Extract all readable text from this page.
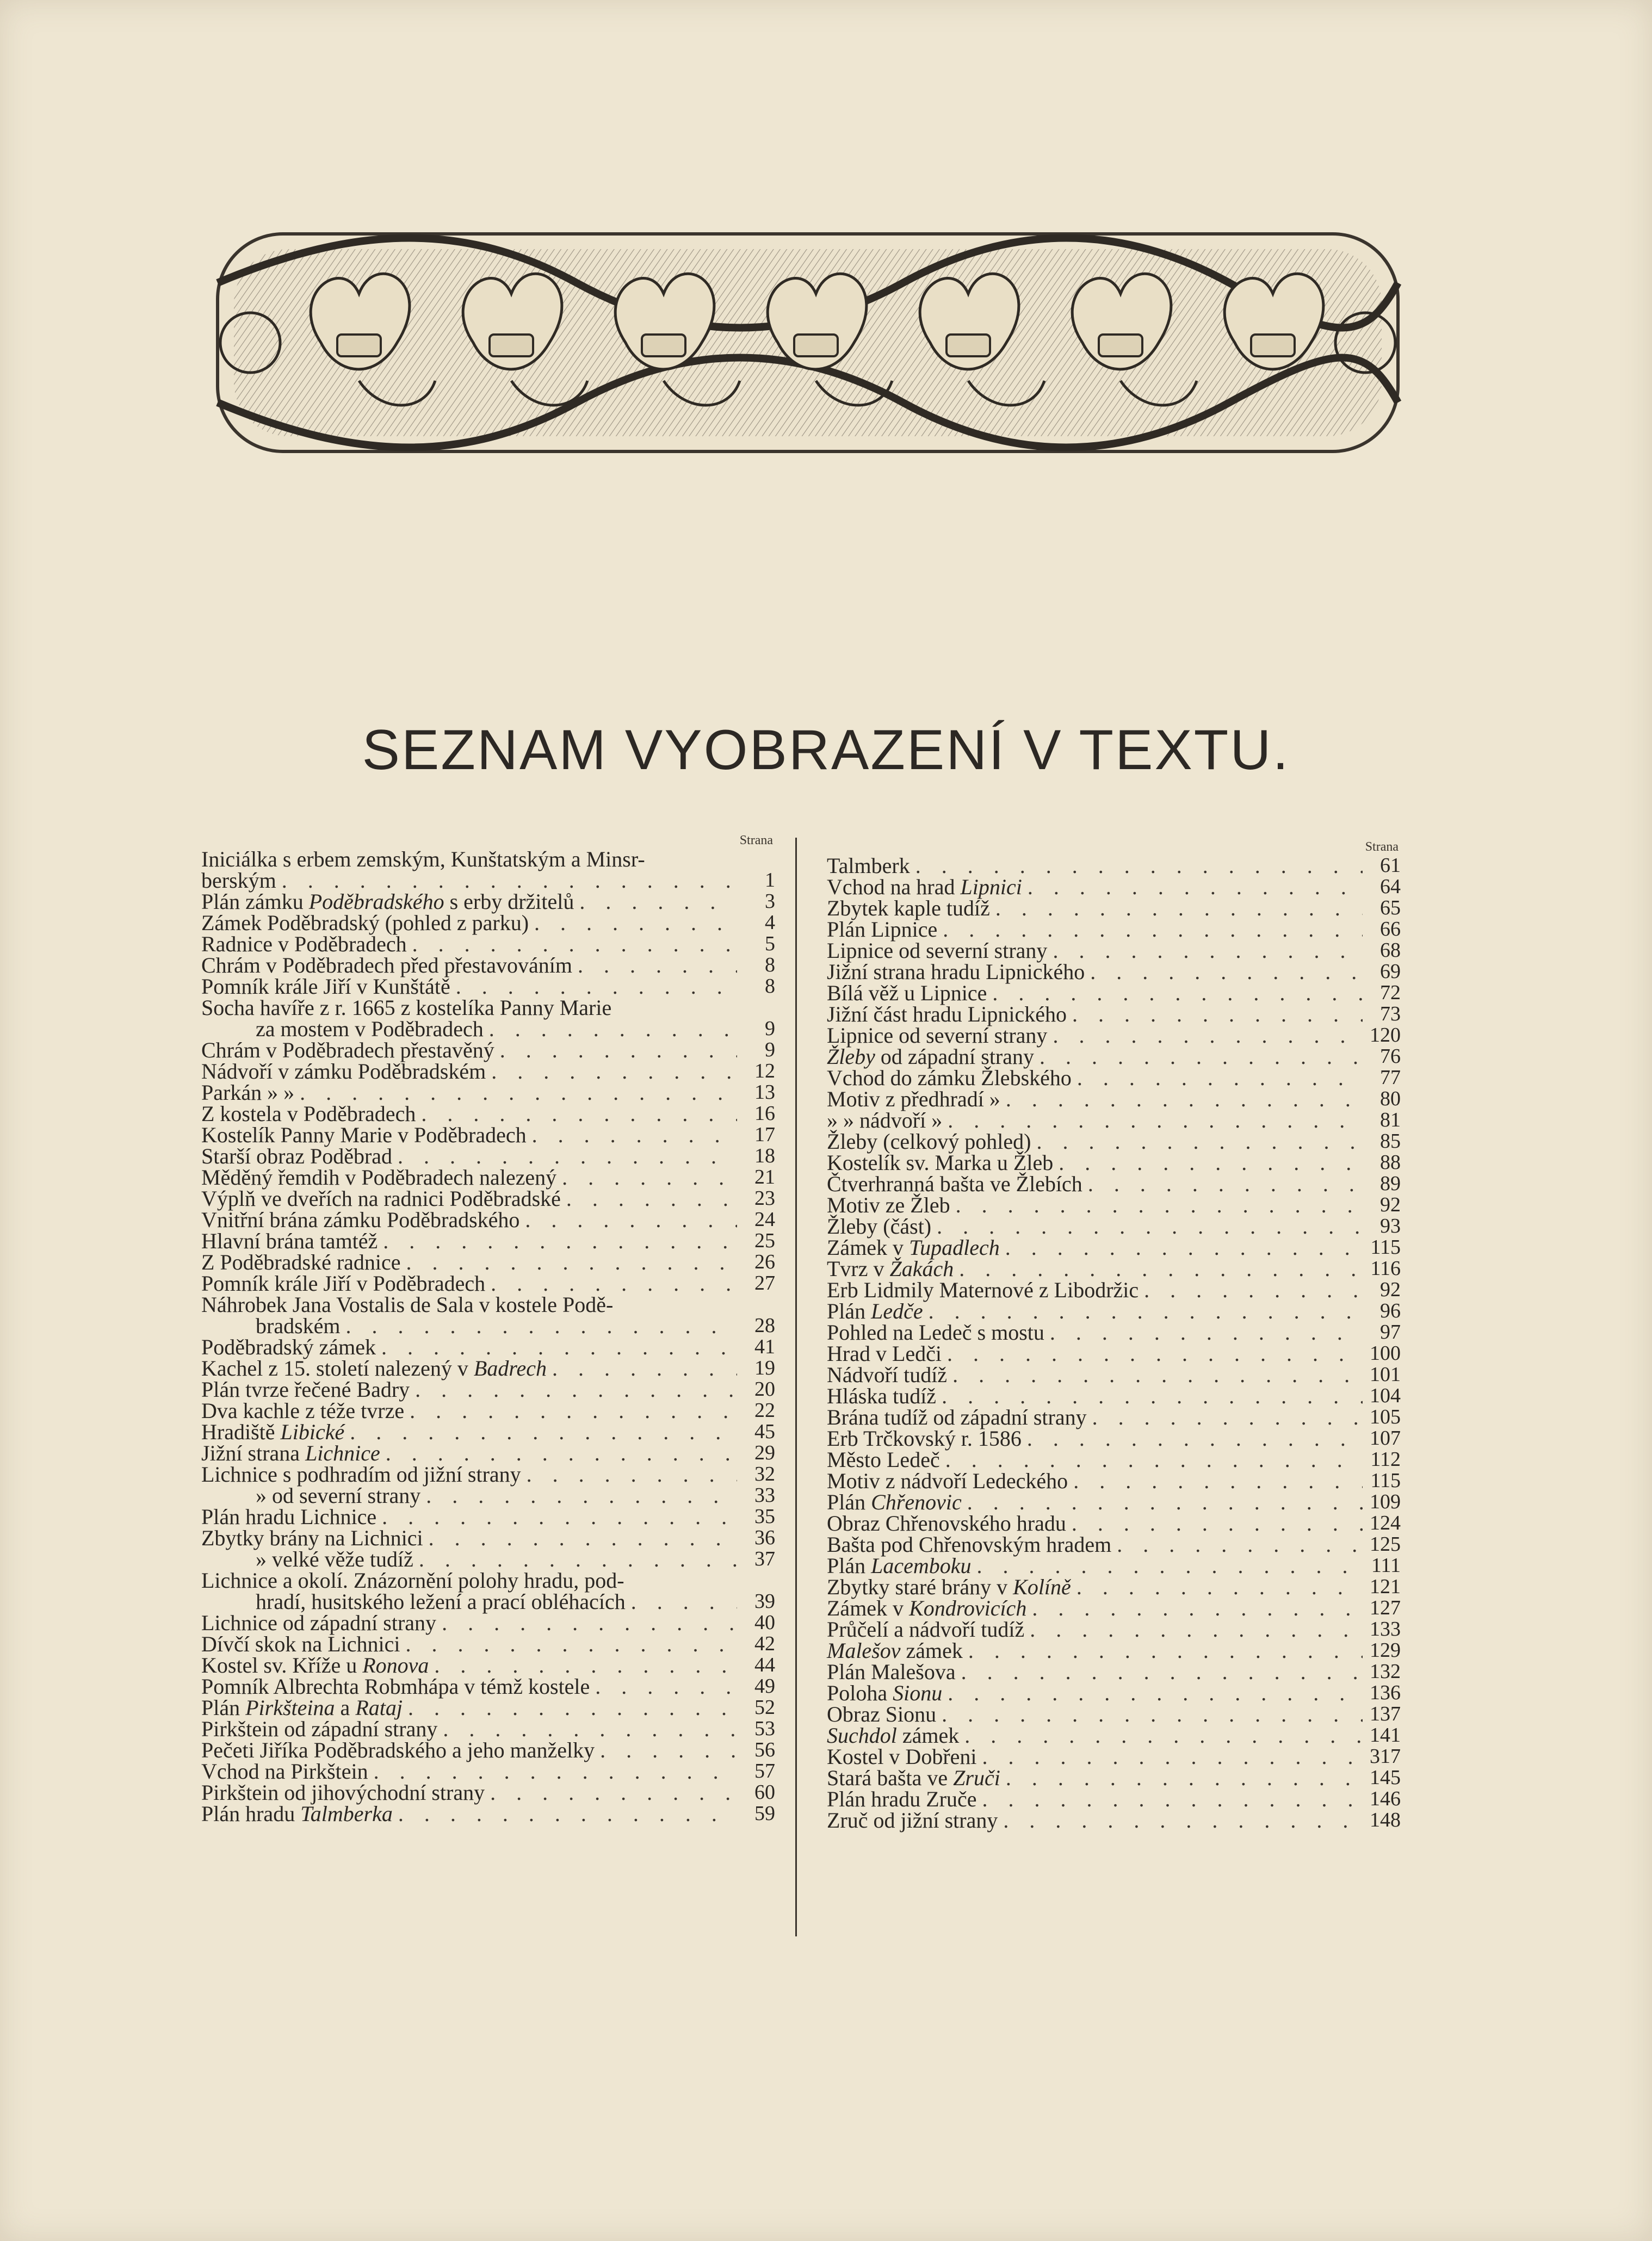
SEZNAM VYOBRAZENÍ V TEXTU.
Strana
Iniciálka s erbem zemským, Kunštatským a Minsr-
berským . . .	1
Plán zámku Poděbradského s erby držitelů . . .	3
Zámek Poděbradský (pohled z parku) . . .	4
Radnice v Poděbradech . . .	5
Chrám v Poděbradech před přestavováním . . .	8
Pomník krále Jiří v Kunštátě . . .	8
Socha havíře z r. 1665 z kostelíka Panny Marie
za mostem v Poděbradech . . .	9
Chrám v Poděbradech přestavěný . . .	9
Nádvoří v zámku Poděbradském . . .	12
Parkán » » . . .	13
Z kostela v Poděbradech . . .	16
Kostelík Panny Marie v Poděbradech . . .	17
Starší obraz Poděbrad . . .	18
Měděný řemdih v Poděbradech nalezený . . .	21
Výplň ve dveřích na radnici Poděbradské . . .	23
Vnitřní brána zámku Poděbradského . . .	24
Hlavní brána tamtéž . . .	25
Z Poděbradské radnice . . .	26
Pomník krále Jiří v Poděbradech . . .	27
Náhrobek Jana Vostalis de Sala v kostele Podě-
bradském . . .	28
Poděbradský zámek . . .	41
Kachel z 15. století nalezený v Badrech . . .	19
Plán tvrze řečené Badry . . .	20
Dva kachle z téže tvrze . . .	22
Hradiště Libické . . .	45
Jižní strana Lichnice . . .	29
Lichnice s podhradím od jižní strany . . .	32
» od severní strany . . .	33
Plán hradu Lichnice . . .	35
Zbytky brány na Lichnici . . .	36
» velké věže tudíž . . .	37
Lichnice a okolí. Znázornění polohy hradu, pod-
hradí, husitského ležení a prací obléhacích . . .	39
Lichnice od západní strany . . .	40
Dívčí skok na Lichnici . . .	42
Kostel sv. Kříže u Ronova . . .	44
Pomník Albrechta Robmhápa v témž kostele . . .	49
Plán Pirkšteina a Rataj . . .	52
Pirkštein od západní strany . . .	53
Pečeti Jiříka Poděbradského a jeho manželky . . .	56
Vchod na Pirkštein . . .	57
Pirkštein od jihovýchodní strany . . .	60
Plán hradu Talmberka . . .	59
Strana
Talmberk . . .	61
Vchod na hrad Lipnici . . .	64
Zbytek kaple tudíž . . .	65
Plán Lipnice . . .	66
Lipnice od severní strany . . .	68
Jižní strana hradu Lipnického . . .	69
Bílá věž u Lipnice . . .	72
Jižní část hradu Lipnického . . .	73
Lipnice od severní strany . . .	120
Žleby od západní strany . . .	76
Vchod do zámku Žlebského . . .	77
Motiv z předhradí » . . .	80
» » nádvoří » . . .	81
Žleby (celkový pohled) . . .	85
Kostelík sv. Marka u Žleb . . .	88
Čtverhranná bašta ve Žlebích . . .	89
Motiv ze Žleb . . .	92
Žleby (část) . . .	93
Zámek v Tupadlech . . .	115
Tvrz v Žakách . . .	116
Erb Lidmily Maternové z Libodržic . . .	92
Plán Ledče . . .	96
Pohled na Ledeč s mostu . . .	97
Hrad v Ledči . . .	100
Nádvoří tudíž . . .	101
Hláska tudíž . . .	104
Brána tudíž od západní strany . . .	105
Erb Trčkovský r. 1586 . . .	107
Město Ledeč . . .	112
Motiv z nádvoří Ledeckého . . .	115
Plán Chřenovic . . .	109
Obraz Chřenovského hradu . . .	124
Bašta pod Chřenovským hradem . . .	125
Plán Lacemboku . . .	111
Zbytky staré brány v Kolíně . . .	121
Zámek v Kondrovicích . . .	127
Průčelí a nádvoří tudíž . . .	133
Malešov zámek . . .	129
Plán Malešova . . .	132
Poloha Sionu . . .	136
Obraz Sionu . . .	137
Suchdol zámek . . .	141
Kostel v Dobřeni . . .	317
Stará bašta ve Zruči . . .	145
Plán hradu Zruče . . .	146
Zruč od jižní strany . . .	148
